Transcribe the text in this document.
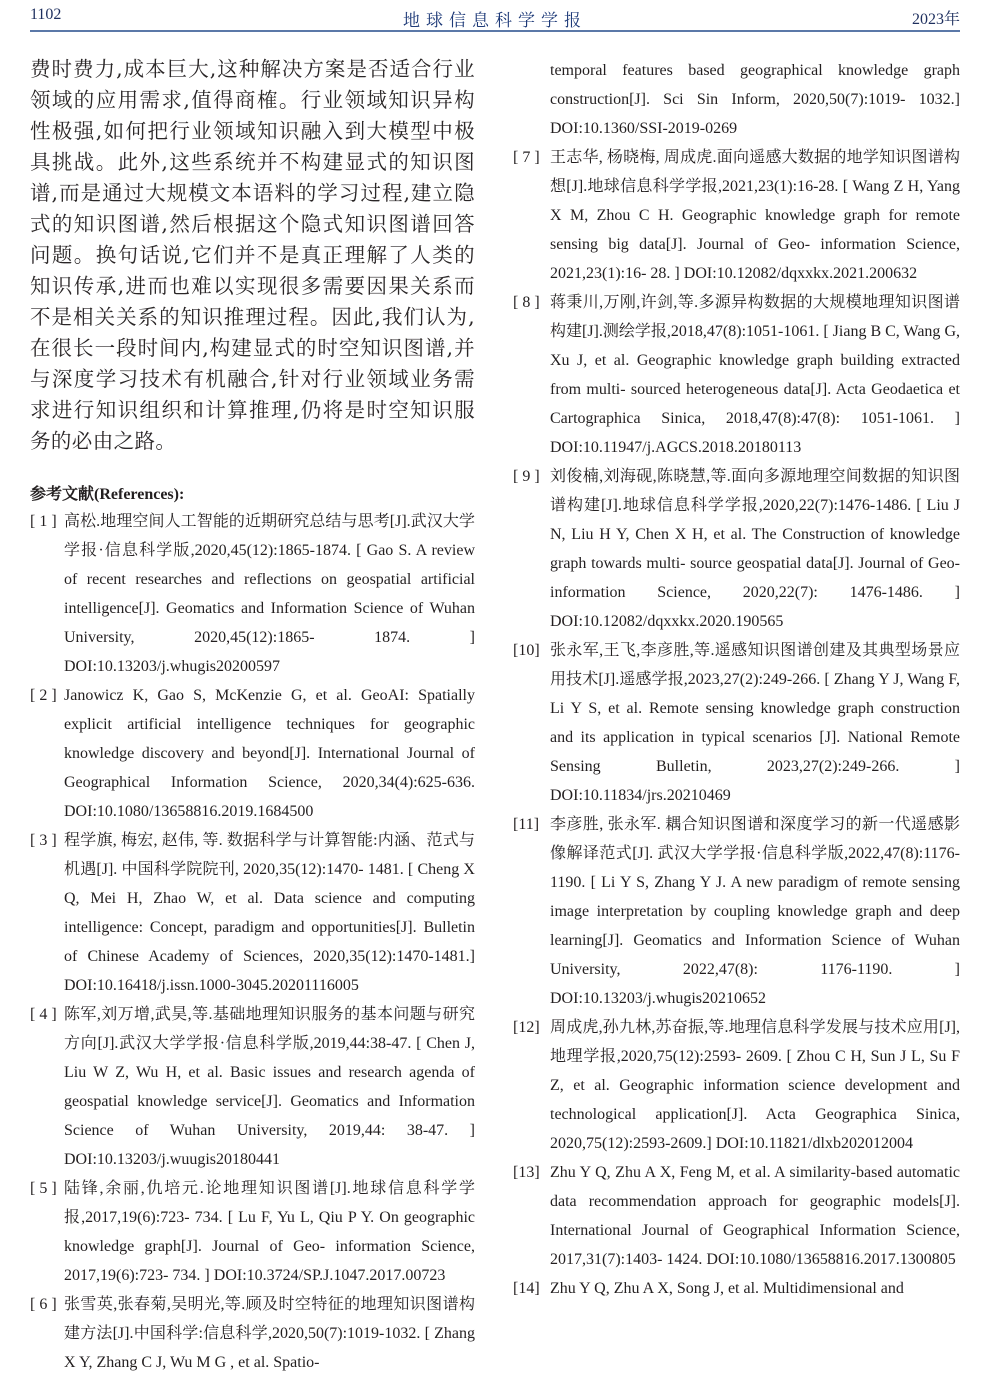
1102	地球信息科学学报	2023年

费时费力,成本巨大,这种解决方案是否适合行业领域的应用需求,值得商榷。行业领域知识异构性极强,如何把行业领域知识融入到大模型中极具挑战。此外,这些系统并不构建显式的知识图谱,而是通过大规模文本语料的学习过程,建立隐式的知识图谱,然后根据这个隐式知识图谱回答问题。换句话说,它们并不是真正理解了人类的知识传承,进而也难以实现很多需要因果关系而不是相关关系的知识推理过程。因此,我们认为,在很长一段时间内,构建显式的时空知识图谱,并与深度学习技术有机融合,针对行业领域业务需求进行知识组织和计算推理,仍将是时空知识服务的必由之路。

参考文献(References):
[ 1 ] 高松.地理空间人工智能的近期研究总结与思考[J].武汉大学学报·信息科学版,2020,45(12):1865-1874. [ Gao S. A review of recent researches and reflections on geospatial artificial intelligence[J]. Geomatics and Information Science of Wuhan University, 2020,45(12):1865- 1874. ] DOI:10.13203/j.whugis20200597
[ 2 ] Janowicz K, Gao S, McKenzie G, et al. GeoAI: Spatially explicit artificial intelligence techniques for geographic knowledge discovery and beyond[J]. International Journal of Geographical Information Science, 2020,34(4):625-636. DOI:10.1080/13658816.2019.1684500
[ 3 ] 程学旗, 梅宏, 赵伟, 等. 数据科学与计算智能:内涵、范式与机遇[J]. 中国科学院院刊, 2020,35(12):1470- 1481. [ Cheng X Q, Mei H, Zhao W, et al. Data science and computing intelligence: Concept, paradigm and opportunities[J]. Bulletin of Chinese Academy of Sciences, 2020,35(12):1470-1481.] DOI:10.16418/j.issn.1000-3045.20201116005
[ 4 ] 陈军,刘万增,武昊,等.基础地理知识服务的基本问题与研究方向[J].武汉大学学报·信息科学版,2019,44:38-47. [ Chen J, Liu W Z, Wu H, et al. Basic issues and research agenda of geospatial knowledge service[J]. Geomatics and Information Science of Wuhan University, 2019,44: 38-47. ] DOI:10.13203/j.wuugis20180441
[ 5 ] 陆锋,余丽,仇培元.论地理知识图谱[J].地球信息科学学报,2017,19(6):723- 734. [ Lu F, Yu L, Qiu P Y. On geographic knowledge graph[J]. Journal of Geo- information Science, 2017,19(6):723- 734. ] DOI:10.3724/SP.J.1047.2017.00723
[ 6 ] 张雪英,张春菊,吴明光,等.顾及时空特征的地理知识图谱构建方法[J].中国科学:信息科学,2020,50(7):1019-1032. [ Zhang X Y, Zhang C J, Wu M G , et al. Spatio-
temporal features based geographical knowledge graph construction[J]. Sci Sin Inform, 2020,50(7):1019- 1032.] DOI:10.1360/SSI-2019-0269
[ 7 ] 王志华, 杨晓梅, 周成虎.面向遥感大数据的地学知识图谱构想[J].地球信息科学学报,2021,23(1):16-28. [ Wang Z H, Yang X M, Zhou C H. Geographic knowledge graph for remote sensing big data[J]. Journal of Geo- information Science, 2021,23(1):16- 28. ] DOI:10.12082/dqxxkx.2021.200632
[ 8 ] 蒋秉川,万刚,许剑,等.多源异构数据的大规模地理知识图谱构建[J].测绘学报,2018,47(8):1051-1061. [ Jiang B C, Wang G, Xu J, et al. Geographic knowledge graph building extracted from multi- sourced heterogeneous data[J]. Acta Geodaetica et Cartographica Sinica, 2018,47(8):47(8): 1051-1061. ] DOI:10.11947/j.AGCS.2018.20180113
[ 9 ] 刘俊楠,刘海砚,陈晓慧,等.面向多源地理空间数据的知识图谱构建[J].地球信息科学学报,2020,22(7):1476-1486. [ Liu J N, Liu H Y, Chen X H, et al. The Construction of knowledge graph towards multi- source geospatial data[J]. Journal of Geo- information Science, 2020,22(7): 1476-1486. ] DOI:10.12082/dqxxkx.2020.190565
[10] 张永军,王飞,李彦胜,等.遥感知识图谱创建及其典型场景应用技术[J].遥感学报,2023,27(2):249-266. [ Zhang Y J, Wang F, Li Y S, et al. Remote sensing knowledge graph construction and its application in typical scenarios [J]. National Remote Sensing Bulletin, 2023,27(2):249-266. ] DOI:10.11834/jrs.20210469
[11] 李彦胜, 张永军. 耦合知识图谱和深度学习的新一代遥感影像解译范式[J]. 武汉大学学报·信息科学版,2022,47(8):1176-1190. [ Li Y S, Zhang Y J. A new paradigm of remote sensing image interpretation by coupling knowledge graph and deep learning[J]. Geomatics and Information Science of Wuhan University, 2022,47(8): 1176-1190. ] DOI:10.13203/j.whugis20210652
[12] 周成虎,孙九林,苏奋振,等.地理信息科学发展与技术应用[J],地理学报,2020,75(12):2593- 2609. [ Zhou C H, Sun J L, Su F Z, et al. Geographic information science development and technological application[J]. Acta Geographica Sinica, 2020,75(12):2593-2609.] DOI:10.11821/dlxb202012004
[13] Zhu Y Q, Zhu A X, Feng M, et al. A similarity-based automatic data recommendation approach for geographic models[J]. International Journal of Geographical Information Science, 2017,31(7):1403- 1424. DOI:10.1080/13658816.2017.1300805
[14] Zhu Y Q, Zhu A X, Song J, et al. Multidimensional and
